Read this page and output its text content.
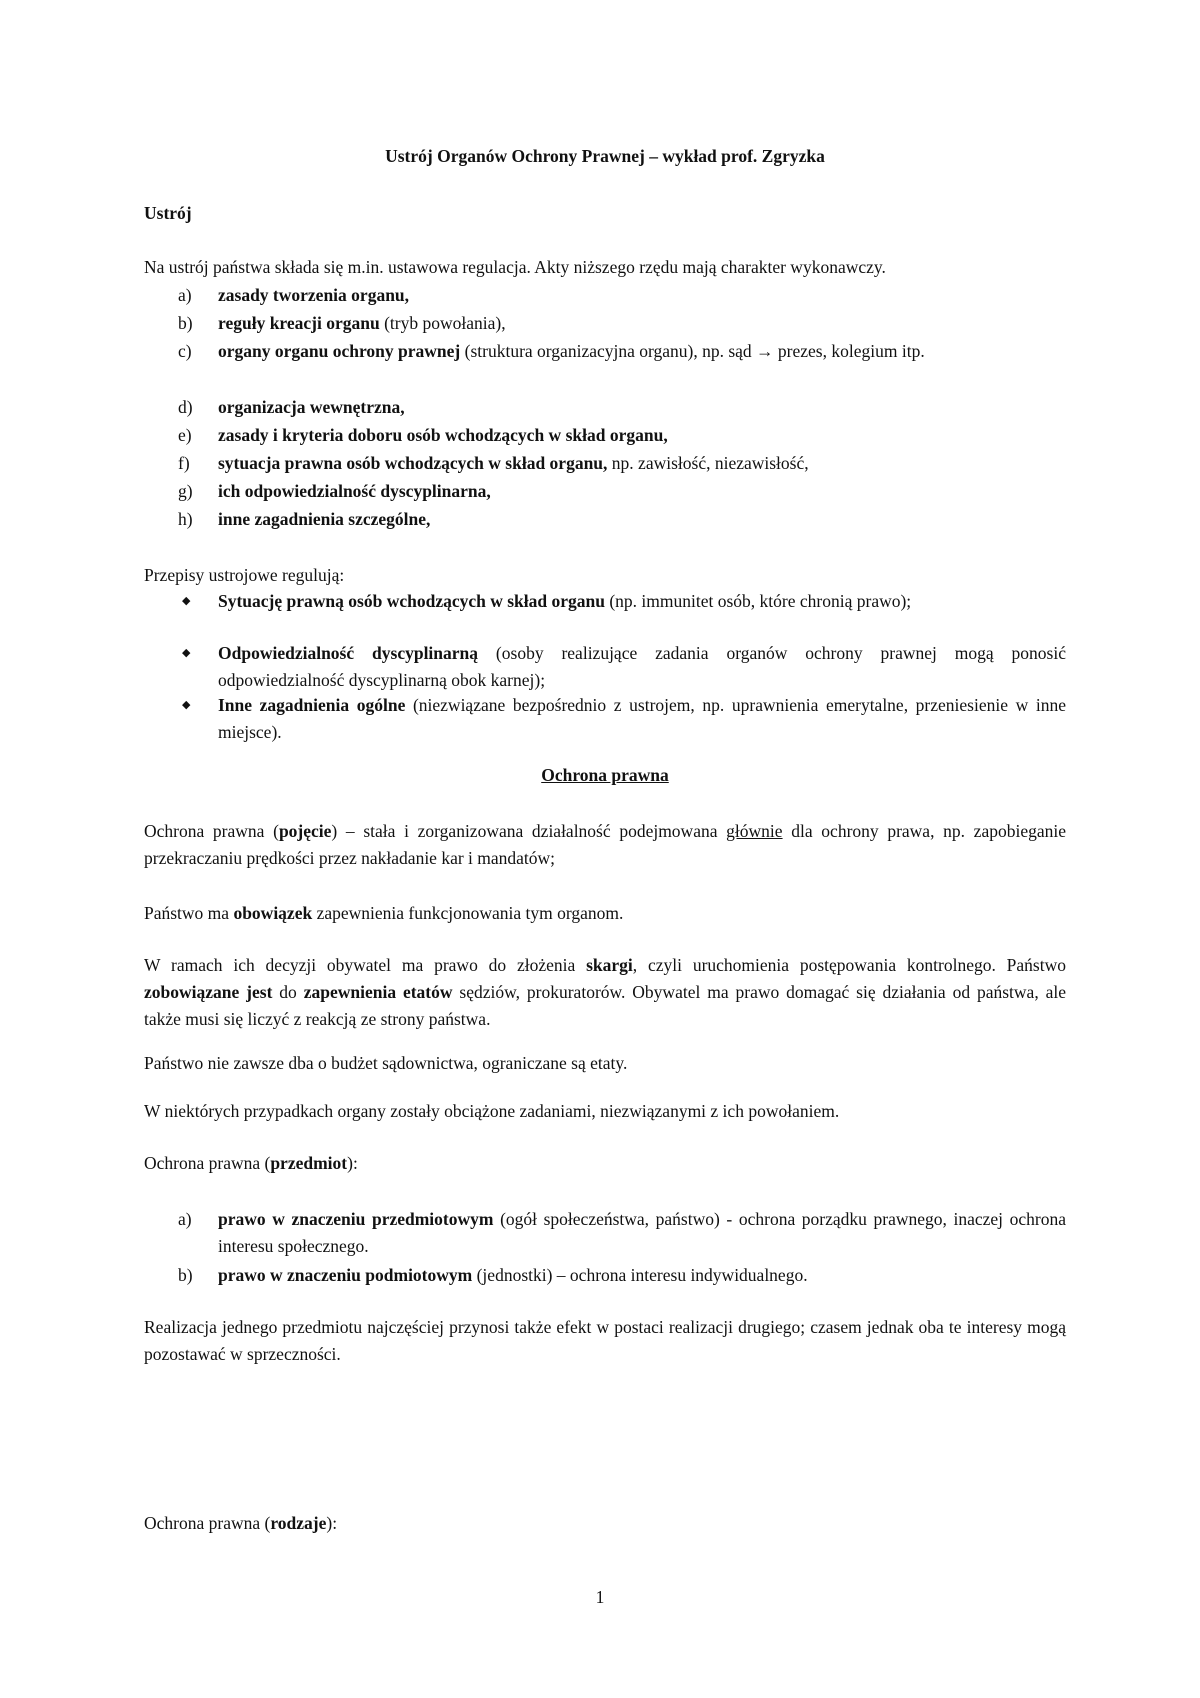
Ustrój Organów Ochrony Prawnej – wykład prof. Zgryzka
Ustrój
Na ustrój państwa składa się m.in. ustawowa regulacja. Akty niższego rzędu mają charakter wykonawczy.
a)	zasady tworzenia organu,
b)	reguły kreacji organu (tryb powołania),
c)	organy organu ochrony prawnej (struktura organizacyjna organu), np. sąd → prezes, kolegium itp.
d)	organizacja wewnętrzna,
e)	zasady i kryteria doboru osób wchodzących w skład organu,
f)	sytuacja prawna osób wchodzących w skład organu, np. zawisłość, niezawisłość,
g)	ich odpowiedzialność dyscyplinarna,
h)	inne zagadnienia szczególne,
Przepisy ustrojowe regulują:
◆	Sytuację prawną osób wchodzących w skład organu (np. immunitet osób, które chronią prawo);
◆	Odpowiedzialność dyscyplinarną (osoby realizujące zadania organów ochrony prawnej mogą ponosić odpowiedzialność dyscyplinarną obok karnej);
◆	Inne zagadnienia ogólne (niezwiązane bezpośrednio z ustrojem, np. uprawnienia emerytalne, przeniesienie w inne miejsce).
Ochrona prawna
Ochrona prawna (pojęcie) – stała i zorganizowana działalność podejmowana głównie dla ochrony prawa, np. zapobieganie przekraczaniu prędkości przez nakładanie kar i mandatów;
Państwo ma obowiązek zapewnienia funkcjonowania tym organom.
W ramach ich decyzji obywatel ma prawo do złożenia skargi, czyli uruchomienia postępowania kontrolnego. Państwo zobowiązane jest do zapewnienia etatów sędziów, prokuratorów. Obywatel ma prawo domagać się działania od państwa, ale także musi się liczyć z reakcją ze strony państwa.
Państwo nie zawsze dba o budżet sądownictwa, ograniczane są etaty.
W niektórych przypadkach organy zostały obciążone zadaniami, niezwiązanymi z ich powołaniem.
Ochrona prawna (przedmiot):
a)	prawo w znaczeniu przedmiotowym (ogół społeczeństwa, państwo) - ochrona porządku prawnego, inaczej ochrona interesu społecznego.
b)	prawo w znaczeniu podmiotowym (jednostki) – ochrona interesu indywidualnego.
Realizacja jednego przedmiotu najczęściej przynosi także efekt w postaci realizacji drugiego; czasem jednak oba te interesy mogą pozostawać w sprzeczności.
Ochrona prawna (rodzaje):
1
